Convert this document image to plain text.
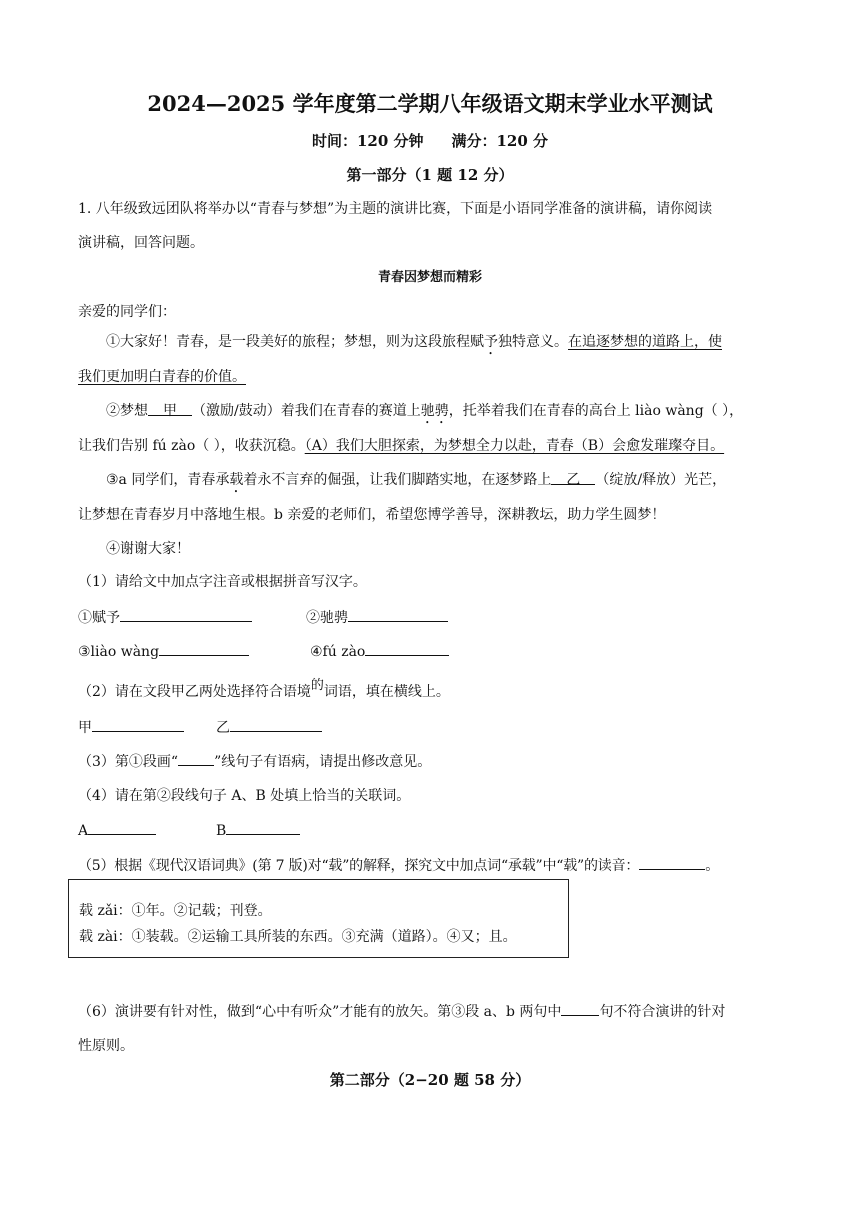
2024—2025 学年度第二学期八年级语文期末学业水平测试
时间：120 分钟 满分：120 分
第一部分（1 题 12 分）
1. 八年级致远团队将举办以“青春与梦想”为主题的演讲比赛，下面是小语同学准备的演讲稿，请你阅读
演讲稿，回答问题。
青春因梦想而精彩
亲爱的同学们：
①大家好！青春，是一段美好的旅程；梦想，则为这段旅程赋予独特意义。在追逐梦想的道路上，使
我们更加明白青春的价值。
②梦想 甲 （激励/鼓动）着我们在青春的赛道上驰骋，托举着我们在青春的高台上 liào wàng（ ），
让我们告别 fú zào（ ），收获沉稳。（A）我们大胆探索，为梦想全力以赴，青春（B）会愈发璀璨夺目。
③a 同学们，青春承载着永不言弃的倔强，让我们脚踏实地，在逐梦路上 乙 （绽放/释放）光芒，
让梦想在青春岁月中落地生根。b 亲爱的老师们，希望您博学善导，深耕教坛，助力学生圆梦！
④谢谢大家！
（1）请给文中加点字注音或根据拼音写汉字。
①赋予	②驰骋
③liào wàng	④fú zào
（2）请在文段甲乙两处选择符合语境的词语，填在横线上。
甲	乙
（3）第①段画“	”线句子有语病，请提出修改意见。
（4）请在第②段线句子 A、B 处填上恰当的关联词。
A	B
（5）根据《现代汉语词典》(第 7 版)对“载”的解释，探究文中加点词“承载”中“载”的读音：	。
载 zǎi：①年。②记载；刊登。
载 zài：①装载。②运输工具所装的东西。③充满（道路）。④又；且。
（6）演讲要有针对性，做到“心中有听众”才能有的放矢。第③段 a、b 两句中	句不符合演讲的针对
性原则。
第二部分（2−20 题 58 分）
